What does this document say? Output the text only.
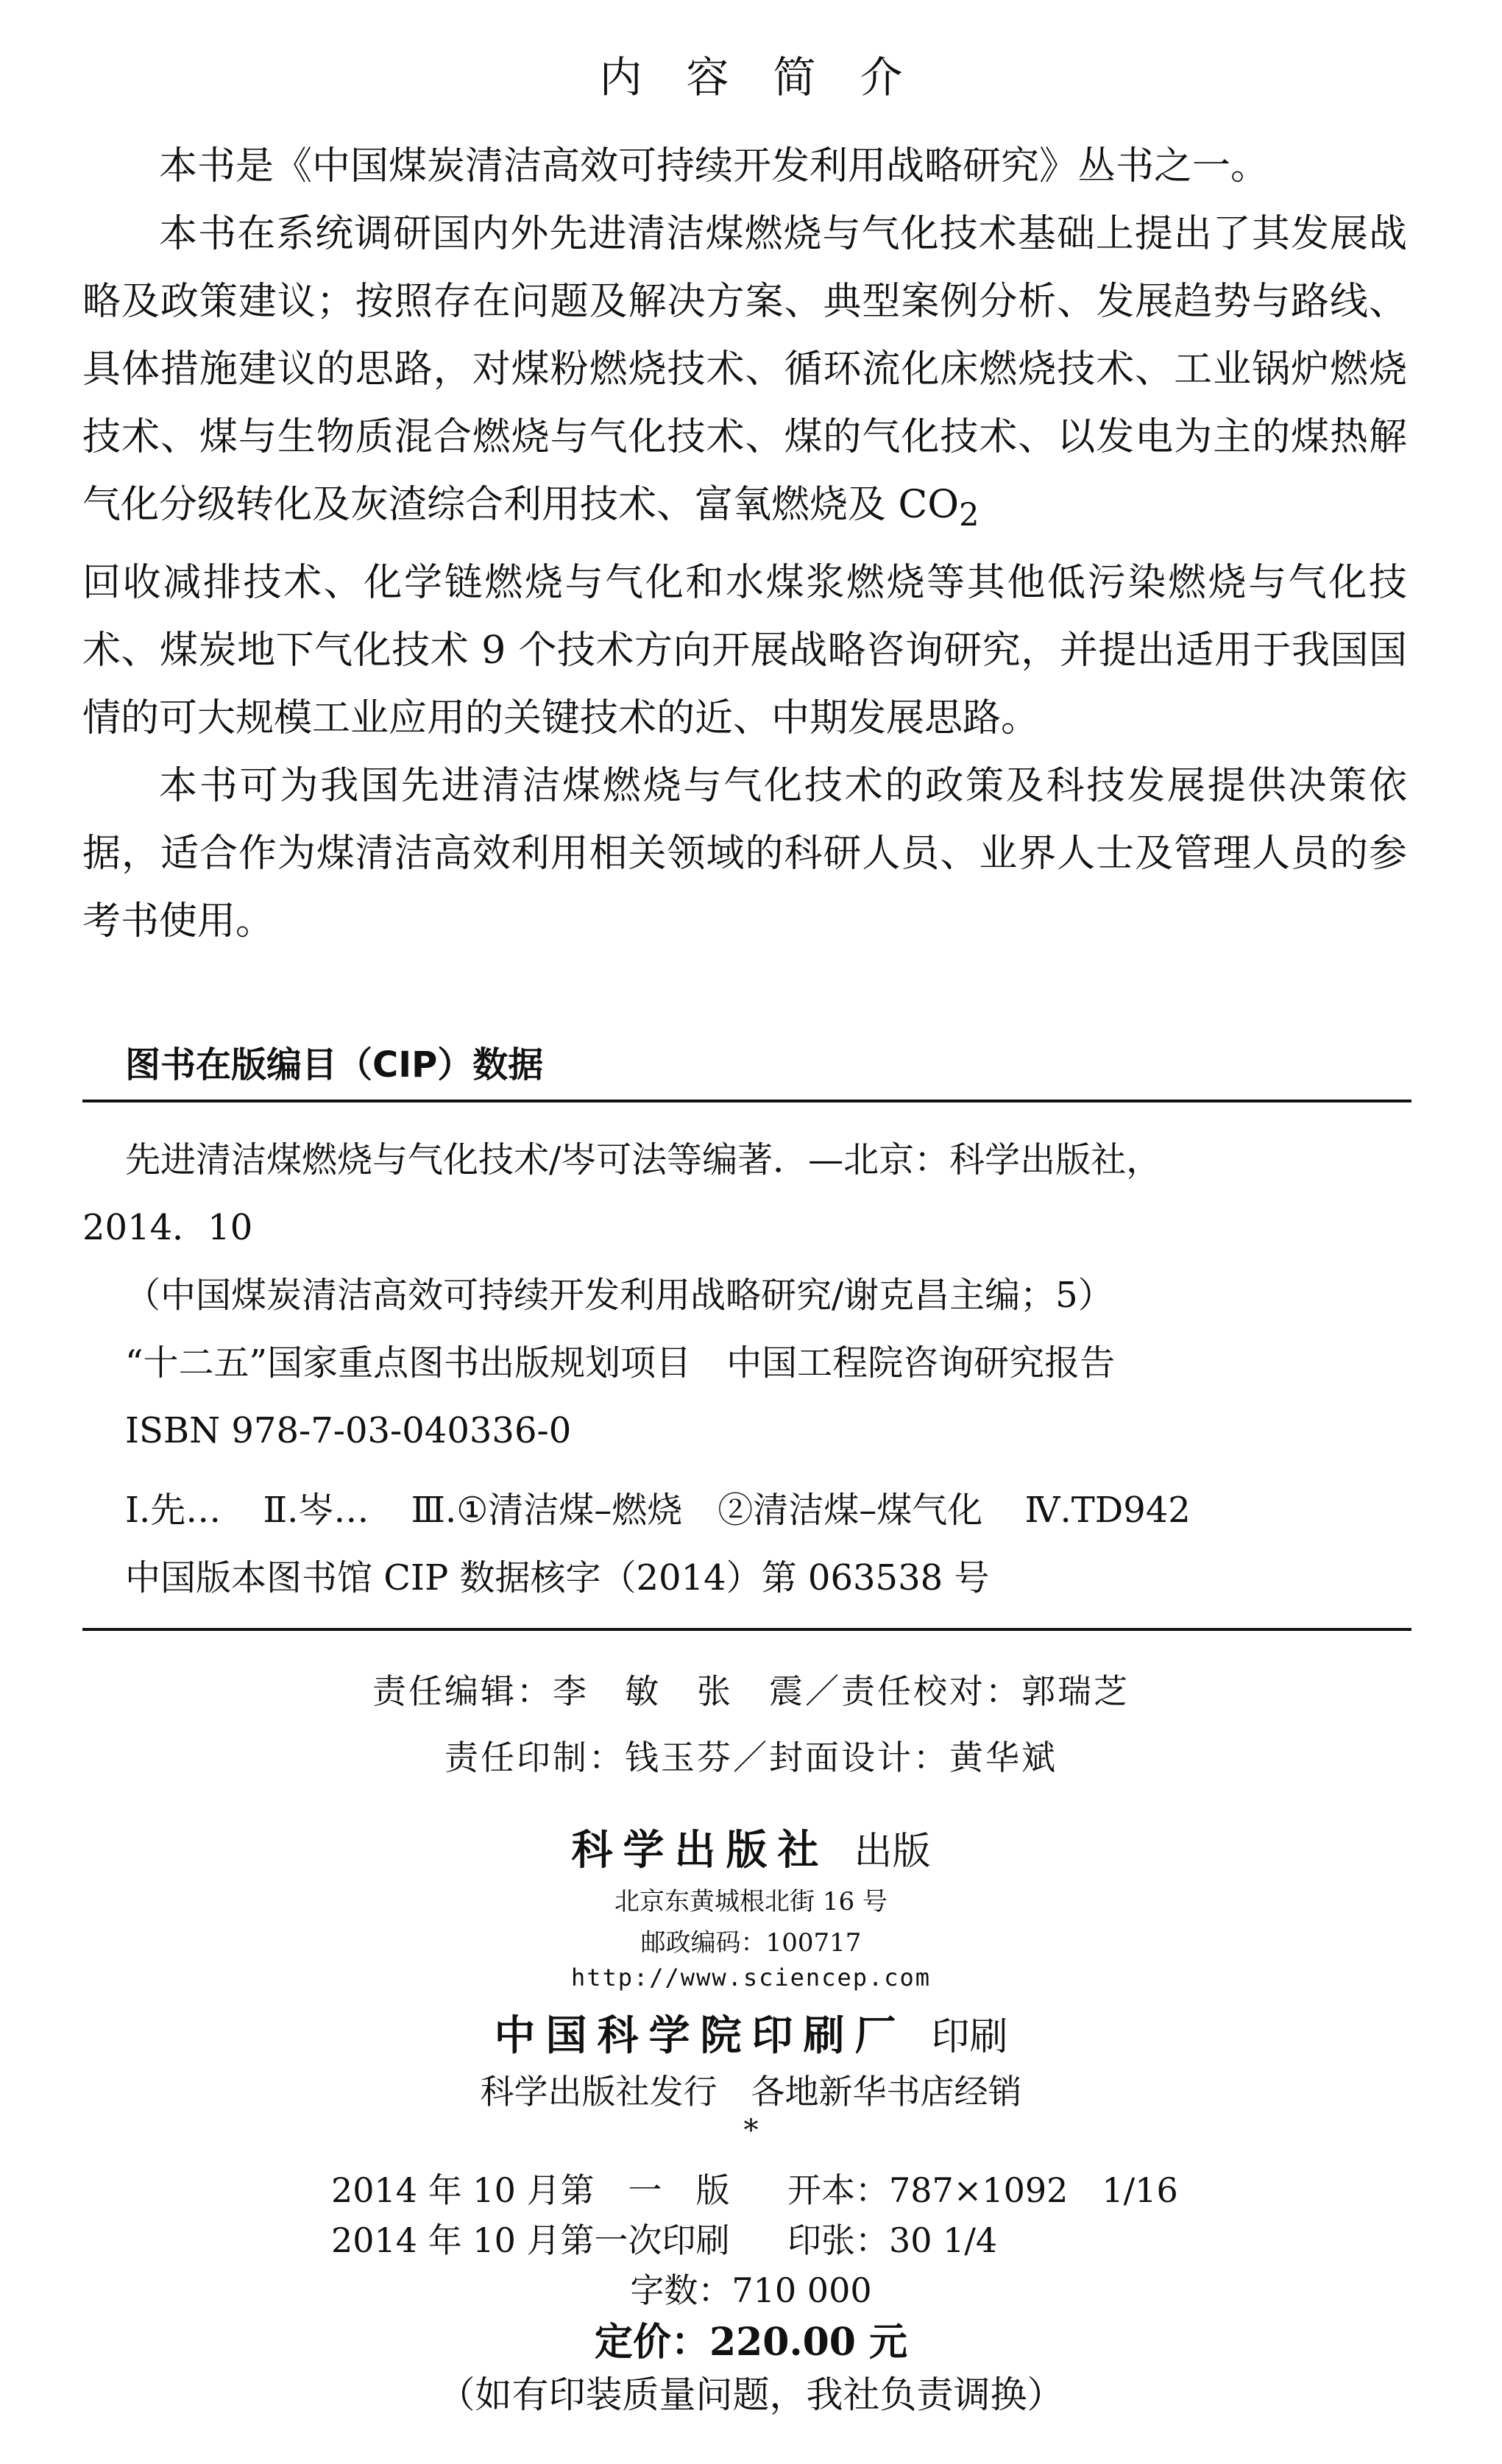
内容简介

本书是《中国煤炭清洁高效可持续开发利用战略研究》丛书之一。

本书在系统调研国内外先进清洁煤燃烧与气化技术基础上提出了其发展战略及政策建议；按照存在问题及解决方案、典型案例分析、发展趋势与路线、具体措施建议的思路，对煤粉燃烧技术、循环流化床燃烧技术、工业锅炉燃烧技术、煤与生物质混合燃烧与气化技术、煤的气化技术、以发电为主的煤热解气化分级转化及灰渣综合利用技术、富氧燃烧及 $CO_2$

回收减排技术、化学链燃烧与气化和水煤浆燃烧等其他低污染燃烧与气化技术、煤炭地下气化技术 9 个技术方向开展战略咨询研究，并提出适用于我国国情的可大规模工业应用的关键技术的近、中期发展思路。

本书可为我国先进清洁煤燃烧与气化技术的政策及科技发展提供决策依据，适合作为煤清洁高效利用相关领域的科研人员、业界人士及管理人员的参考书使用。

图书在版编目（CIP）数据
先进清洁煤燃烧与气化技术/岑可法等编著．—北京：科学出版社，
2014．10
（中国煤炭清洁高效可持续开发利用战略研究/谢克昌主编；5）
“十二五”国家重点图书出版规划项目　中国工程院咨询研究报告
ISBN 978-7-03-040336-0
Ⅰ.先… Ⅱ.岑… Ⅲ.①清洁煤–燃烧　②清洁煤–煤气化 Ⅳ.TD942
中国版本图书馆 CIP 数据核字（2014）第 063538 号
责任编辑：李　敏　张　震／责任校对：郭瑞芝
责任印制：钱玉芬／封面设计：黄华斌
科学出版社 出版
北京东黄城根北街 16 号
邮政编码：100717
http://www.sciencep.com
中国科学院印刷厂 印刷
科学出版社发行　各地新华书店经销
*
2014 年 10 月第　一　版 开本：787×1092　1/16
2014 年 10 月第一次印刷 印张：30 1/4
字数：710 000
定价：220.00 元
（如有印装质量问题，我社负责调换）
